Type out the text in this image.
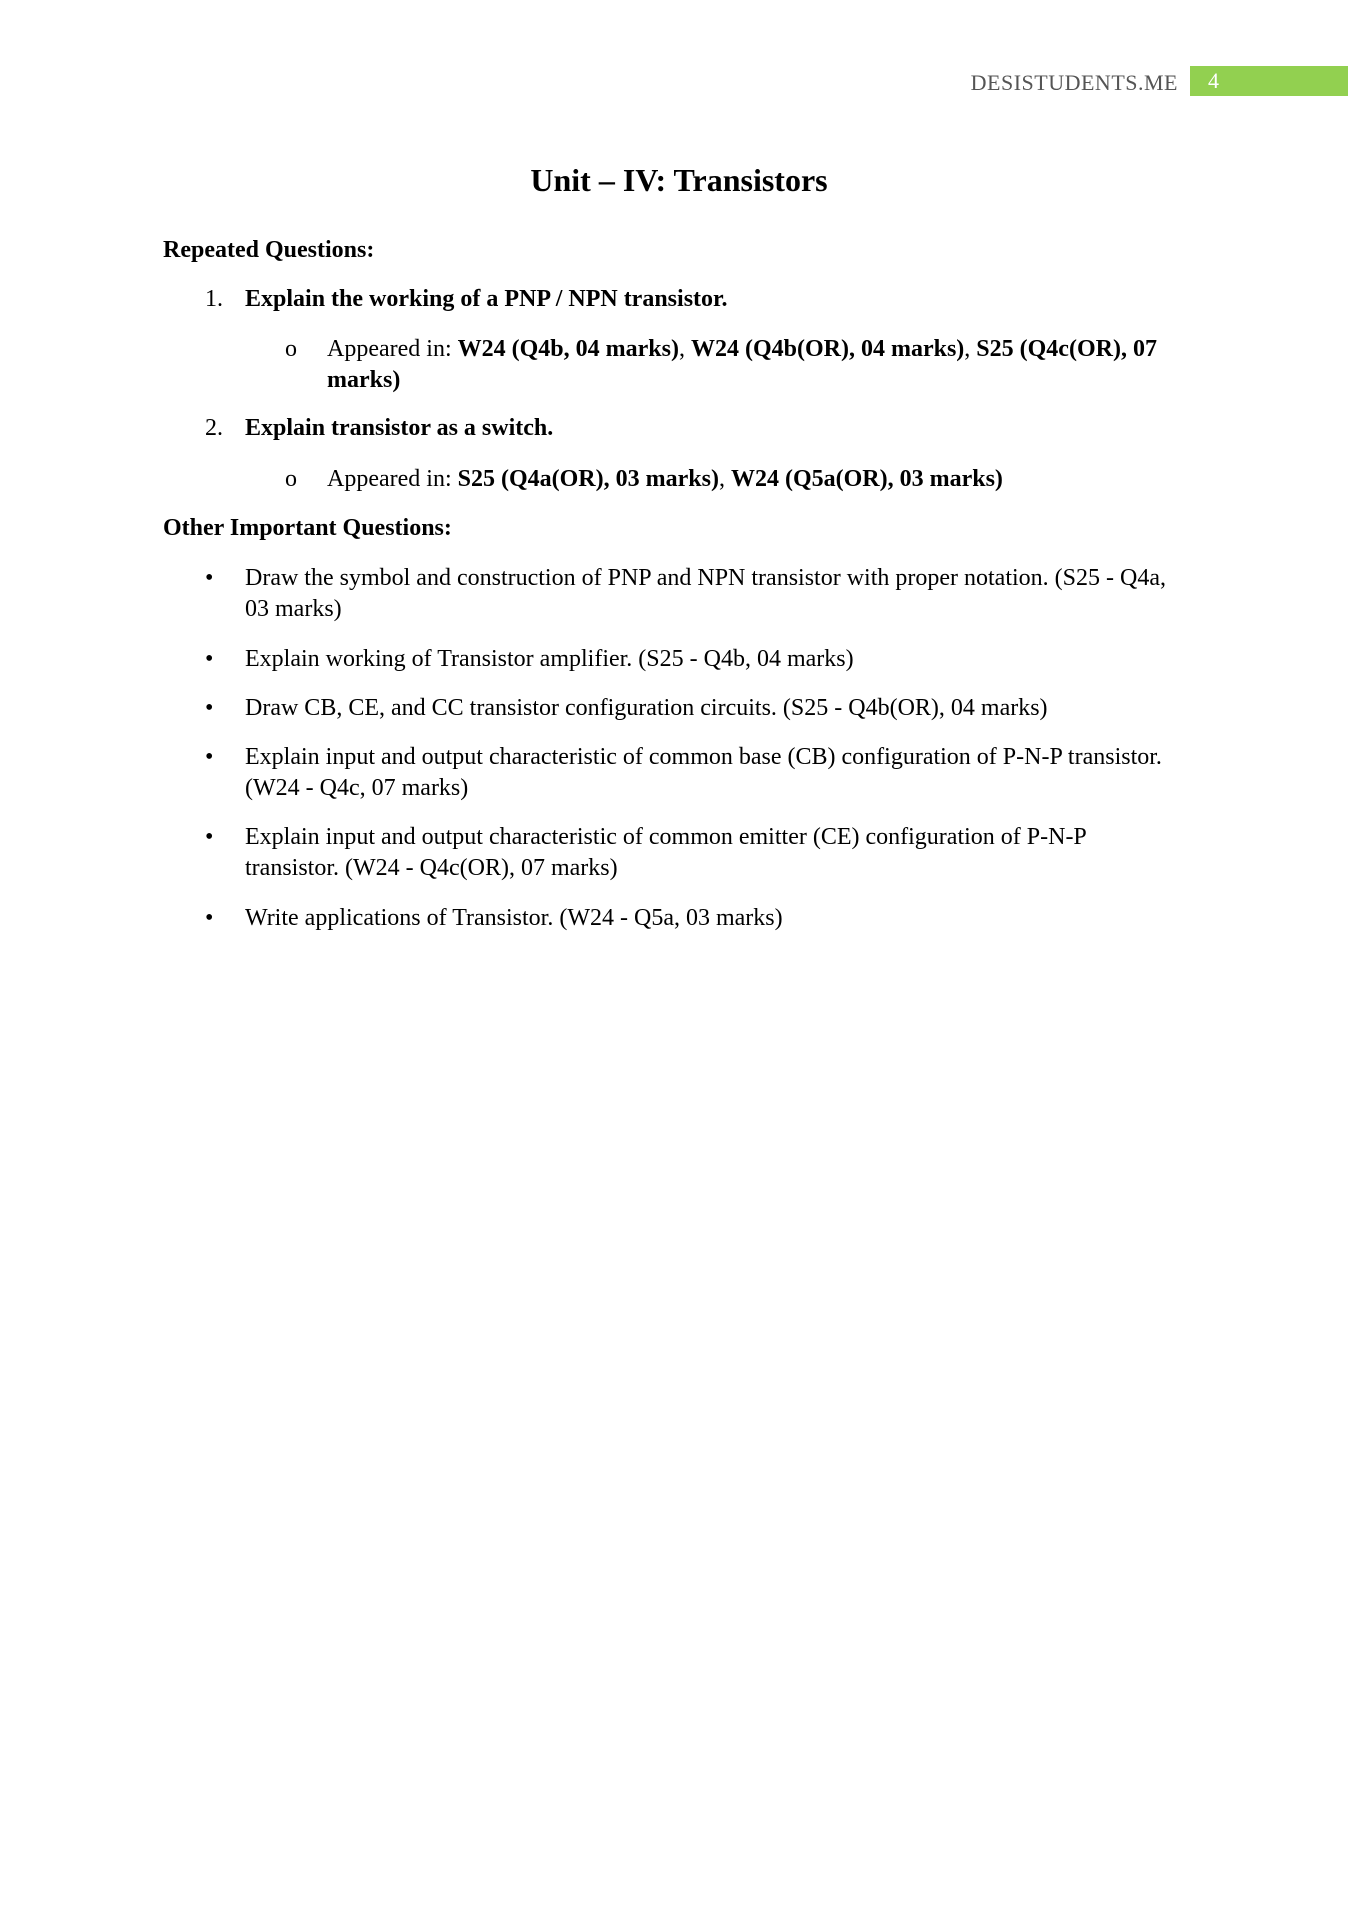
DESISTUDENTS.ME 4
Unit – IV: Transistors
Repeated Questions:
1. Explain the working of a PNP / NPN transistor.
o Appeared in: W24 (Q4b, 04 marks), W24 (Q4b(OR), 04 marks), S25 (Q4c(OR), 07 marks)
2. Explain transistor as a switch.
o Appeared in: S25 (Q4a(OR), 03 marks), W24 (Q5a(OR), 03 marks)
Other Important Questions:
• Draw the symbol and construction of PNP and NPN transistor with proper notation. (S25 - Q4a, 03 marks)
• Explain working of Transistor amplifier. (S25 - Q4b, 04 marks)
• Draw CB, CE, and CC transistor configuration circuits. (S25 - Q4b(OR), 04 marks)
• Explain input and output characteristic of common base (CB) configuration of P-N-P transistor. (W24 - Q4c, 07 marks)
• Explain input and output characteristic of common emitter (CE) configuration of P-N-P transistor. (W24 - Q4c(OR), 07 marks)
• Write applications of Transistor. (W24 - Q5a, 03 marks)
